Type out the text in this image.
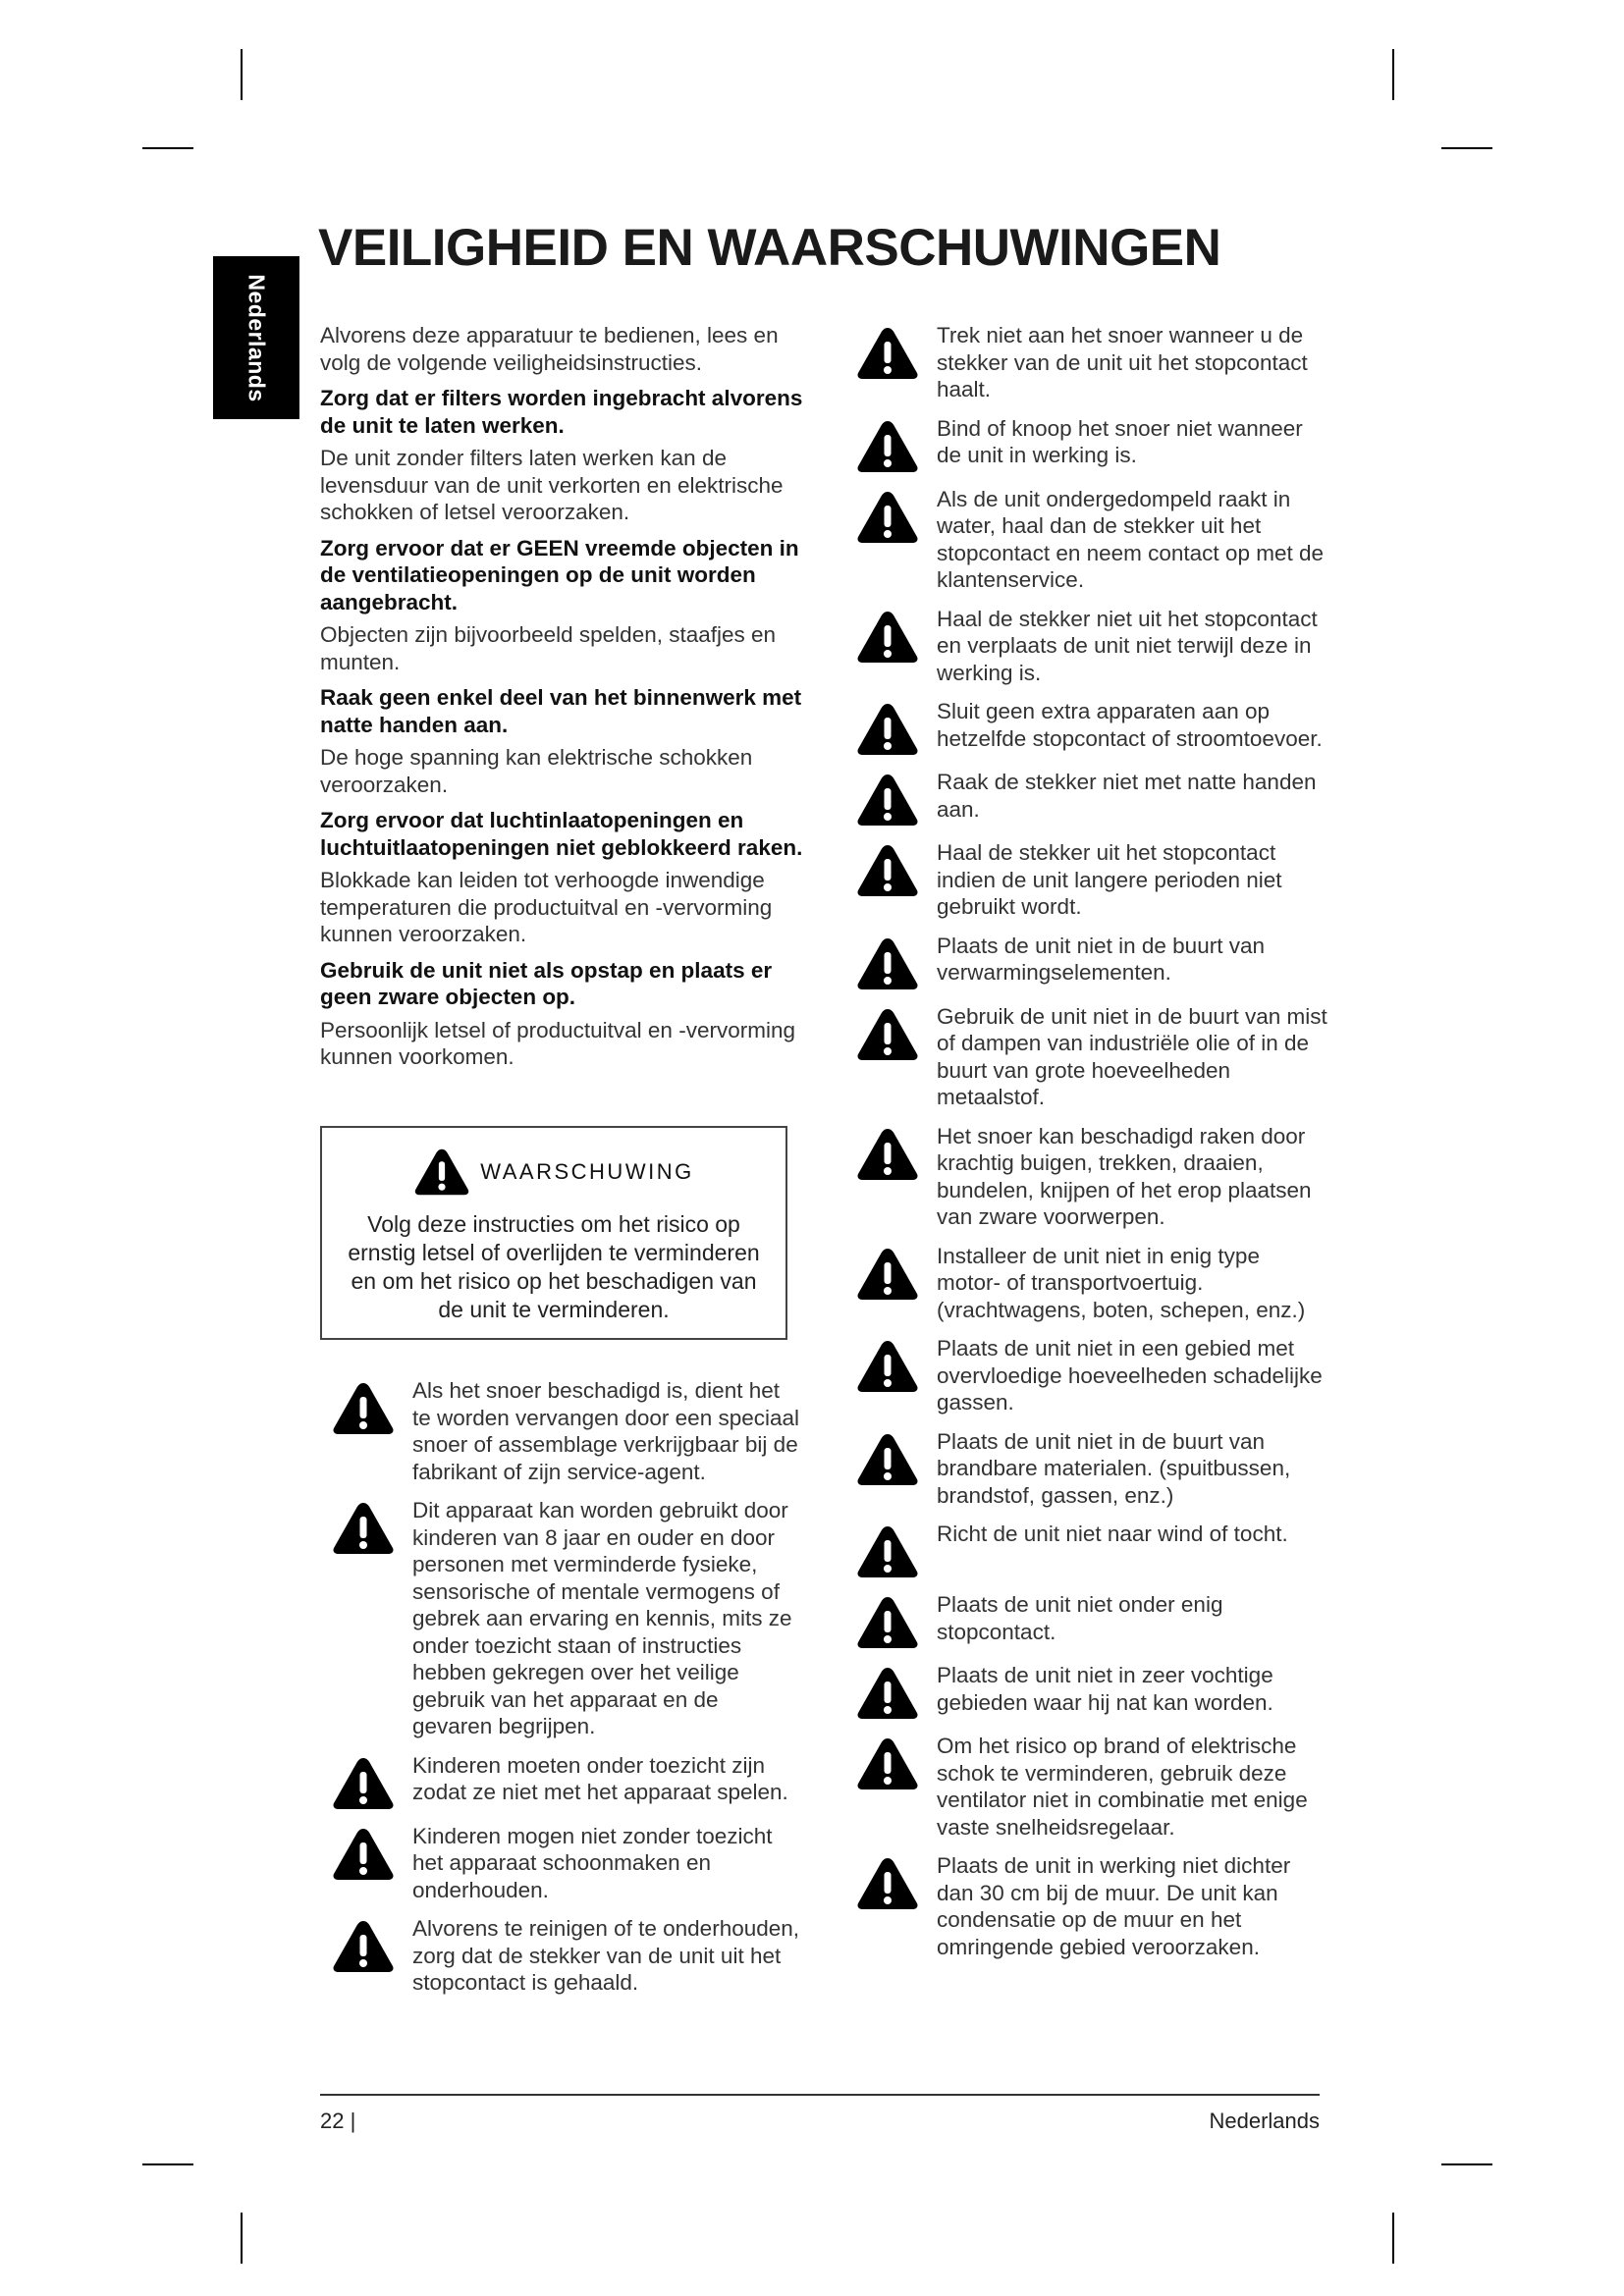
Nederlands
VEILIGHEID EN WAARSCHUWINGEN

Alvorens deze apparatuur te bedienen, lees en volg de volgende veiligheidsinstructies.

Zorg dat er filters worden ingebracht alvorens de unit te laten werken.

De unit zonder filters laten werken kan de levensduur van de unit verkorten en elektrische schokken of letsel veroorzaken.

Zorg ervoor dat er GEEN vreemde objecten in de ventilatieopeningen op de unit worden aangebracht.

Objecten zijn bijvoorbeeld spelden, staafjes en munten.

Raak geen enkel deel van het binnenwerk met natte handen aan.

De hoge spanning kan elektrische schokken veroorzaken.

Zorg ervoor dat luchtinlaatopeningen en luchtuitlaatopeningen niet geblokkeerd raken.

Blokkade kan leiden tot verhoogde inwendige temperaturen die productuitval en -vervorming kunnen veroorzaken.

Gebruik de unit niet als opstap en plaats er geen zware objecten op.

Persoonlijk letsel of productuitval en -vervorming kunnen voorkomen.

WAARSCHUWING
Volg deze instructies om het risico op ernstig letsel of overlijden te verminderen en om het risico op het beschadigen van de unit te verminderen.
Als het snoer beschadigd is, dient het te worden vervangen door een speciaal snoer of assemblage verkrijgbaar bij de fabrikant of zijn service-agent.
Dit apparaat kan worden gebruikt door kinderen van 8 jaar en ouder en door personen met verminderde fysieke, sensorische of mentale vermogens of gebrek aan ervaring en kennis, mits ze onder toezicht staan of instructies hebben gekregen over het veilige gebruik van het apparaat en de gevaren begrijpen.
Kinderen moeten onder toezicht zijn zodat ze niet met het apparaat spelen.
Kinderen mogen niet zonder toezicht het apparaat schoonmaken en onderhouden.
Alvorens te reinigen of te onderhouden, zorg dat de stekker van de unit uit het stopcontact is gehaald.
Trek niet aan het snoer wanneer u de stekker van de unit uit het stopcontact haalt.
Bind of knoop het snoer niet wanneer de unit in werking is.
Als de unit ondergedompeld raakt in water, haal dan de stekker uit het stopcontact en neem contact op met de klantenservice.
Haal de stekker niet uit het stopcontact en verplaats de unit niet terwijl deze in werking is.
Sluit geen extra apparaten aan op hetzelfde stopcontact of stroomtoevoer.
Raak de stekker niet met natte handen aan.
Haal de stekker uit het stopcontact indien de unit langere perioden niet gebruikt wordt.
Plaats de unit niet in de buurt van verwarmingselementen.
Gebruik de unit niet in de buurt van mist of dampen van industriële olie of in de buurt van grote hoeveelheden metaalstof.
Het snoer kan beschadigd raken door krachtig buigen, trekken, draaien, bundelen, knijpen of het erop plaatsen van zware voorwerpen.
Installeer de unit niet in enig type motor- of transportvoertuig. (vrachtwagens, boten, schepen, enz.)
Plaats de unit niet in een gebied met overvloedige hoeveelheden schadelijke gassen.
Plaats de unit niet in de buurt van brandbare materialen. (spuitbussen, brandstof, gassen, enz.)
Richt de unit niet naar wind of tocht.
Plaats de unit niet onder enig stopcontact.
Plaats de unit niet in zeer vochtige gebieden waar hij nat kan worden.
Om het risico op brand of elektrische schok te verminderen, gebruik deze ventilator niet in combinatie met enige vaste snelheidsregelaar.
Plaats de unit in werking niet dichter dan 30 cm bij de muur. De unit kan condensatie op de muur en het omringende gebied veroorzaken.
22 |	Nederlands
